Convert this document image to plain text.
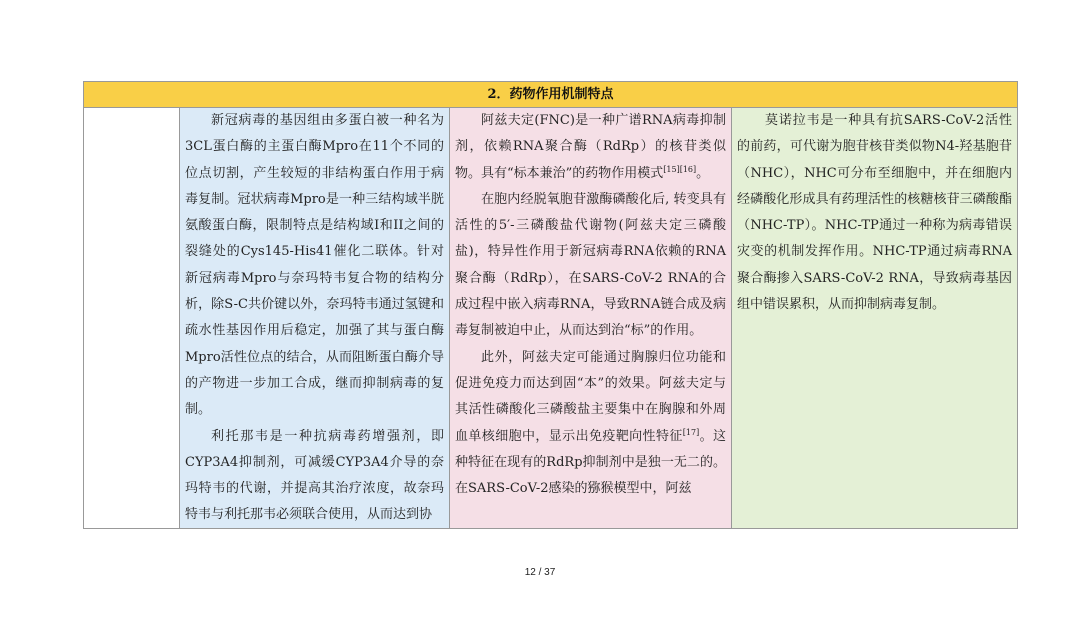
2．药物作用机制特点

新冠病毒的基因组由多蛋白被一种名为3CL蛋白酶的主蛋白酶Mpro在11个不同的位点切割，产生较短的非结构蛋白作用于病毒复制。冠状病毒Mpro是一种三结构域半胱氨酸蛋白酶，限制特点是结构域I和II之间的裂缝处的Cys145-His41催化二联体。针对新冠病毒Mpro与奈玛特韦复合物的结构分析，除S-C共价键以外，奈玛特韦通过氢键和疏水性基因作用后稳定，加强了其与蛋白酶Mpro活性位点的结合，从而阻断蛋白酶介导的产物进一步加工合成，继而抑制病毒的复制。

利托那韦是一种抗病毒药增强剂，即CYP3A4抑制剂，可减缓CYP3A4介导的奈玛特韦的代谢，并提高其治疗浓度，故奈玛特韦与利托那韦必须联合使用，从而达到协

阿兹夫定(FNC)是一种广谱RNA病毒抑制剂，依赖RNA聚合酶（RdRp）的核苷类似物。具有“标本兼治”的药物作用模式[15][16]。

在胞内经脱氧胞苷激酶磷酸化后, 转变具有活性的5′-三磷酸盐代谢物(阿兹夫定三磷酸盐)，特异性作用于新冠病毒RNA依赖的RNA聚合酶（RdRp），在SARS-CoV-2 RNA的合成过程中嵌入病毒RNA，导致RNA链合成及病毒复制被迫中止，从而达到治“标”的作用。

此外，阿兹夫定可能通过胸腺归位功能和促进免疫力而达到固“本”的效果。阿兹夫定与其活性磷酸化三磷酸盐主要集中在胸腺和外周血单核细胞中，显示出免疫靶向性特征[17]。这种特征在现有的RdRp抑制剂中是独一无二的。在SARS-CoV-2感染的猕猴模型中，阿兹

莫诺拉韦是一种具有抗SARS-CoV-2活性的前药，可代谢为胞苷核苷类似物N4-羟基胞苷（NHC），NHC可分布至细胞中，并在细胞内经磷酸化形成具有药理活性的核糖核苷三磷酸酯（NHC-TP）。NHC-TP通过一种称为病毒错误灾变的机制发挥作用。NHC-TP通过病毒RNA聚合酶掺入SARS-CoV-2 RNA，导致病毒基因组中错误累积，从而抑制病毒复制。

12 / 37
